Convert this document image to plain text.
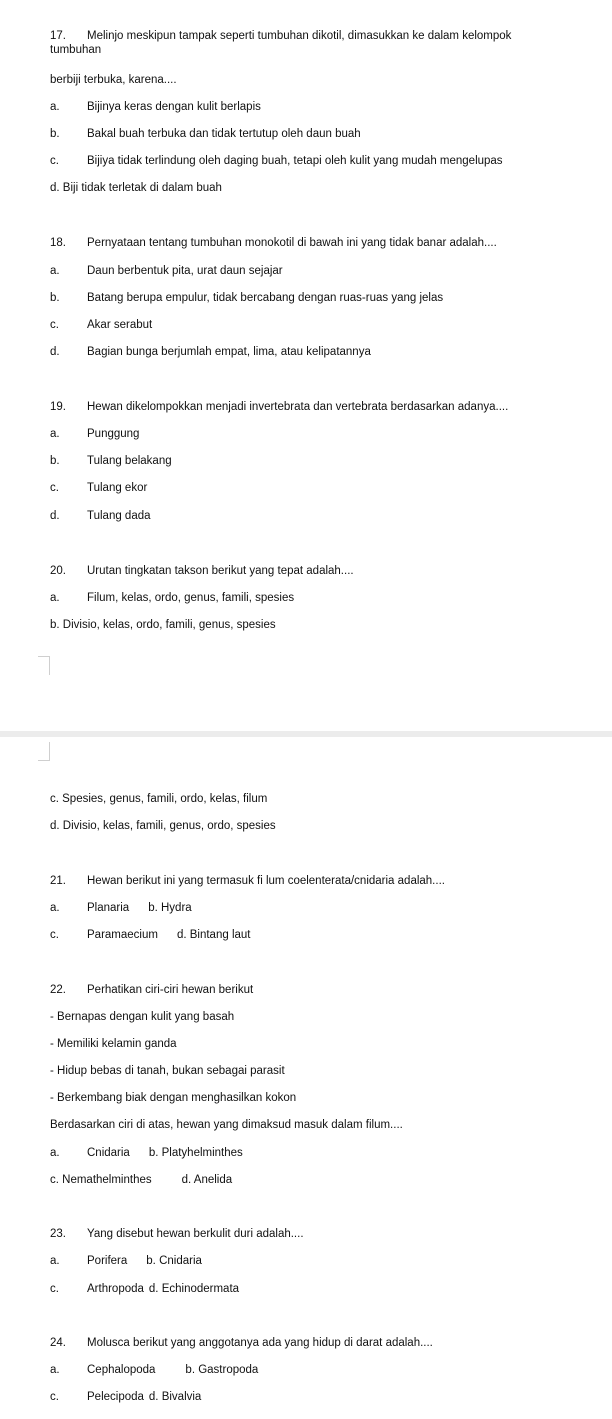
17. Melinjo meskipun tampak seperti tumbuhan dikotil, dimasukkan ke dalam kelompok
tumbuhan
berbiji terbuka, karena....
a. Bijinya keras dengan kulit berlapis
b. Bakal buah terbuka dan tidak tertutup oleh daun buah
c. Bijiya tidak terlindung oleh daging buah, tetapi oleh kulit yang mudah mengelupas
d. Biji tidak terletak di dalam buah
18. Pernyataan tentang tumbuhan monokotil di bawah ini yang tidak banar adalah....
a. Daun berbentuk pita, urat daun sejajar
b. Batang berupa empulur, tidak bercabang dengan ruas-ruas yang jelas
c. Akar serabut
d. Bagian bunga berjumlah empat, lima, atau kelipatannya
19. Hewan dikelompokkan menjadi invertebrata dan vertebrata berdasarkan adanya....
a. Punggung
b. Tulang belakang
c. Tulang ekor
d. Tulang dada
20. Urutan tingkatan takson berikut yang tepat adalah....
a. Filum, kelas, ordo, genus, famili, spesies
b. Divisio, kelas, ordo, famili, genus, spesies
c. Spesies, genus, famili, ordo, kelas, filum
d. Divisio, kelas, famili, genus, ordo, spesies
21. Hewan berikut ini yang termasuk fi lum coelenterata/cnidaria adalah....
a. Planaria b. Hydra
c. Paramaecium d. Bintang laut
22. Perhatikan ciri-ciri hewan berikut
- Bernapas dengan kulit yang basah
- Memiliki kelamin ganda
- Hidup bebas di tanah, bukan sebagai parasit
- Berkembang biak dengan menghasilkan kokon
Berdasarkan ciri di atas, hewan yang dimaksud masuk dalam filum....
a. Cnidaria b. Platyhelminthes
c. Nemathelminthes	d. Anelida
23. Yang disebut hewan berkulit duri adalah....
a. Porifera b. Cnidaria
c. Arthropoda d. Echinodermata
24. Molusca berikut yang anggotanya ada yang hidup di darat adalah....
a. Cephalopoda	b. Gastropoda
c. Pelecipoda d. Bivalvia
